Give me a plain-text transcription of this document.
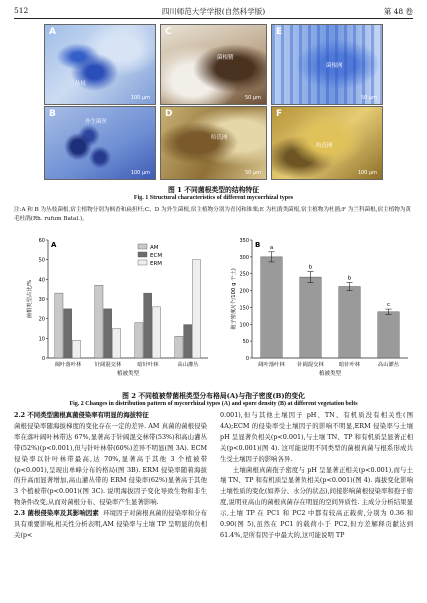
512	四川师范大学学报(自然科学版)	第 48 卷
A
丛枝
100 μm
C
菌根鞘
50 μm
E
菌根网
50 μm
B
外生菌丝
100 μm
D
哈氏网
50 μm
F
哈氏网
100 μm
图 1 不同菌根类型的结构特征
Fig. 1 Structural characteristics of different mycorrhizal types
注:A 和 B 为丛枝菌根,宿主植物分别为枫香和扁担杆;C、D 为外生菌根,宿主植物分别为青冈和锥栗;E 为杜鹃类菌根,宿主植物为杜鹃;F 为兰科菌根,宿主植物为黄毛杜鹃(Rh. rufum Batal.)。
0
10
20
30
40
50
60
阔叶落叶林	针阔混交林	暗针叶林	高山灌丛
植被类型
菌根类型占比/%
A	AM
ECM
ERM
0
50
100
150
200
250
300
350
阔叶落叶林 针阔混交林	暗针叶林	高山灌丛
植被类型
孢子密度/(个/100 g 干土)
B a
b
b
c
图 2 不同植被带菌根类型分布格局(A)与孢子密度(B)的变化
Fig. 2 Changes in distribution pattern of mycorrhizal types (A) and spore density (B) at different vegetation belts

2.2 不同类型菌根真菌侵染率有明显的海拔特征

菌根侵染率随海拔梯度的变化存在一定的差异. AM 真菌的菌根侵染率在落叶阔叶林带达 67%,显著高于针阔混交林带(53%)和高山灌丛带(52%)(p<0.001),但与针叶林带(60%)差异不明显(图 3A). ECM 侵染率以针叶林带最高,达 70%,显著高于其他 3 个植被带(p<0.001),呈现出单峰分布的格局(图 3B). ERM 侵染率随着海拔的升高而显著增加,高山灌丛带的 ERM 侵染率(62%)显著高于其他 3 个植被带(p<0.001)(图 3C). 说明海拔因子变化导致生物和非生物条件改变,从而对菌根分布、侵染率产生显著影响.

2.3 菌根侵染率及其影响因素 环境因子对菌根真菌的侵染率和分布具有重要影响,相关性分析表明,AM 侵染率与土壤 TP 呈明显的负相关(p<

0.001),但与其他土壤因子 pH、TN、有机质没有相关性(图 4A);ECM 的侵染率受土壤因子的影响不明显,ERM 侵染率与土壤 pH 呈显著负相关(p<0.001),与土壤 TN、TP 和有机质呈显著正相关(p<0.001)(图 4). 这可能说明不同类型的菌根真菌与根系形成共生受土壤因子的影响各异.

土壤菌根真菌孢子密度与 pH 呈显著正相关(p<0.001),而与土壤 TN、TP 和有机质呈显著负相关(p<0.001)(图 4). 海拔变化影响土壤性质的变化(如养分、水分的状态),间接影响菌根侵染率和孢子密度,说明亚高山的菌根真菌存在明显的空间异质性. 主成分分析结果显示,土壤 TP 在 PC1 和 PC2 中都有较高正载荷,分别为 0.36 和 0.90(图 5),虽然在 PC1 的载荷小于 PC2,但方差解释贡献达到 61.4%,是所有因子中最大的,这可能说明 TP
